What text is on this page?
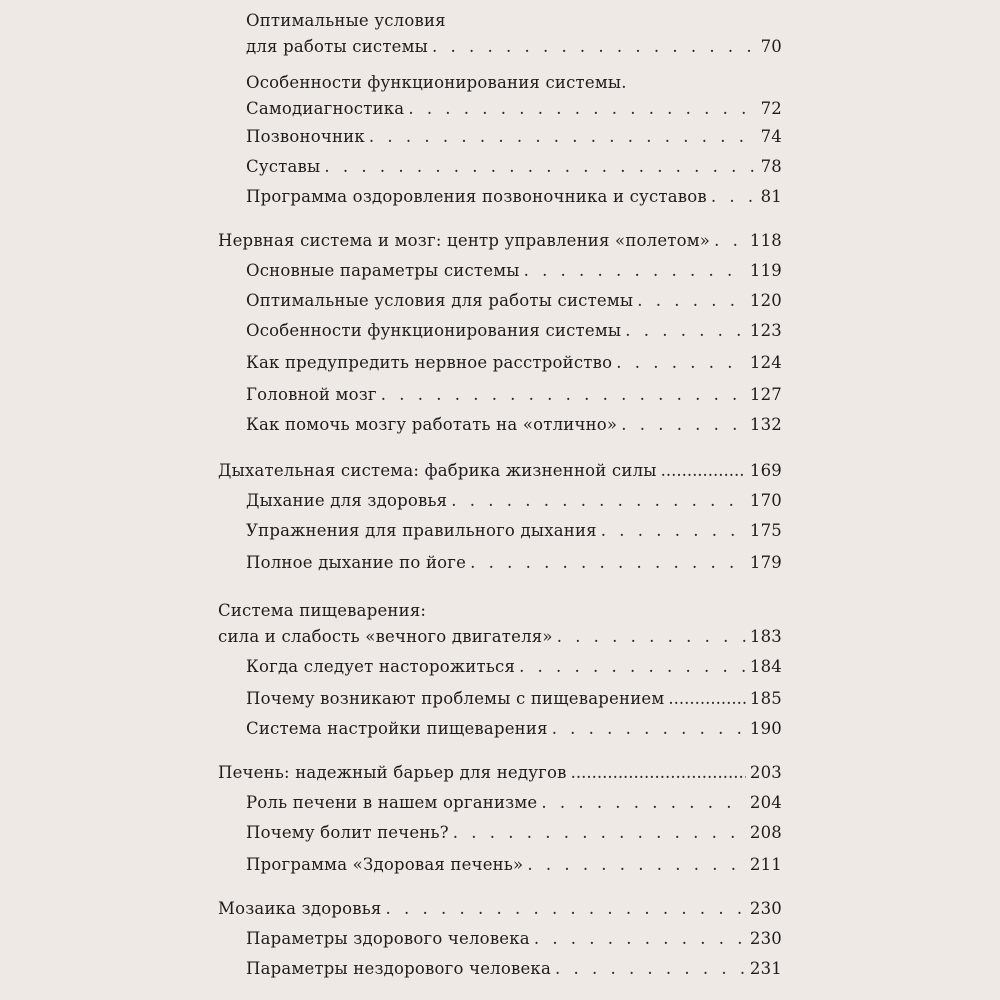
Оптимальные условия
для работы системы . . .	70
Особенности функционирования системы.
Самодиагностика . . .	72
Позвоночник . . .	74
Суставы . . .	78
Программа оздоровления позвоночника и суставов . . .	81
Нервная система и мозг: центр управления «полетом» . . . 118
Основные параметры системы . . .	119
Оптимальные условия для работы системы . . .	120
Особенности функционирования системы . . .	123
Как предупредить нервное расстройство . . .	124
Головной мозг . . .	127
Как помочь мозгу работать на «отлично» . . .	132
Дыхательная система: фабрика жизненной силы .....	169
Дыхание для здоровья . . .	170
Упражнения для правильного дыхания . . .	175
Полное дыхание по йоге . . .	179
Система пищеварения:
сила и слабость «вечного двигателя» . . .	183
Когда следует насторожиться . . .	184
Почему возникают проблемы с пищеварением .....	185
Система настройки пищеварения . . .	190
Печень: надежный барьер для недугов .....	203
Роль печени в нашем организме . . .	204
Почему болит печень? . . .	208
Программа «Здоровая печень» . . .	211
Мозаика здоровья . . .	230
Параметры здорового человека . . .	230
Параметры нездорового человека . . .	231
